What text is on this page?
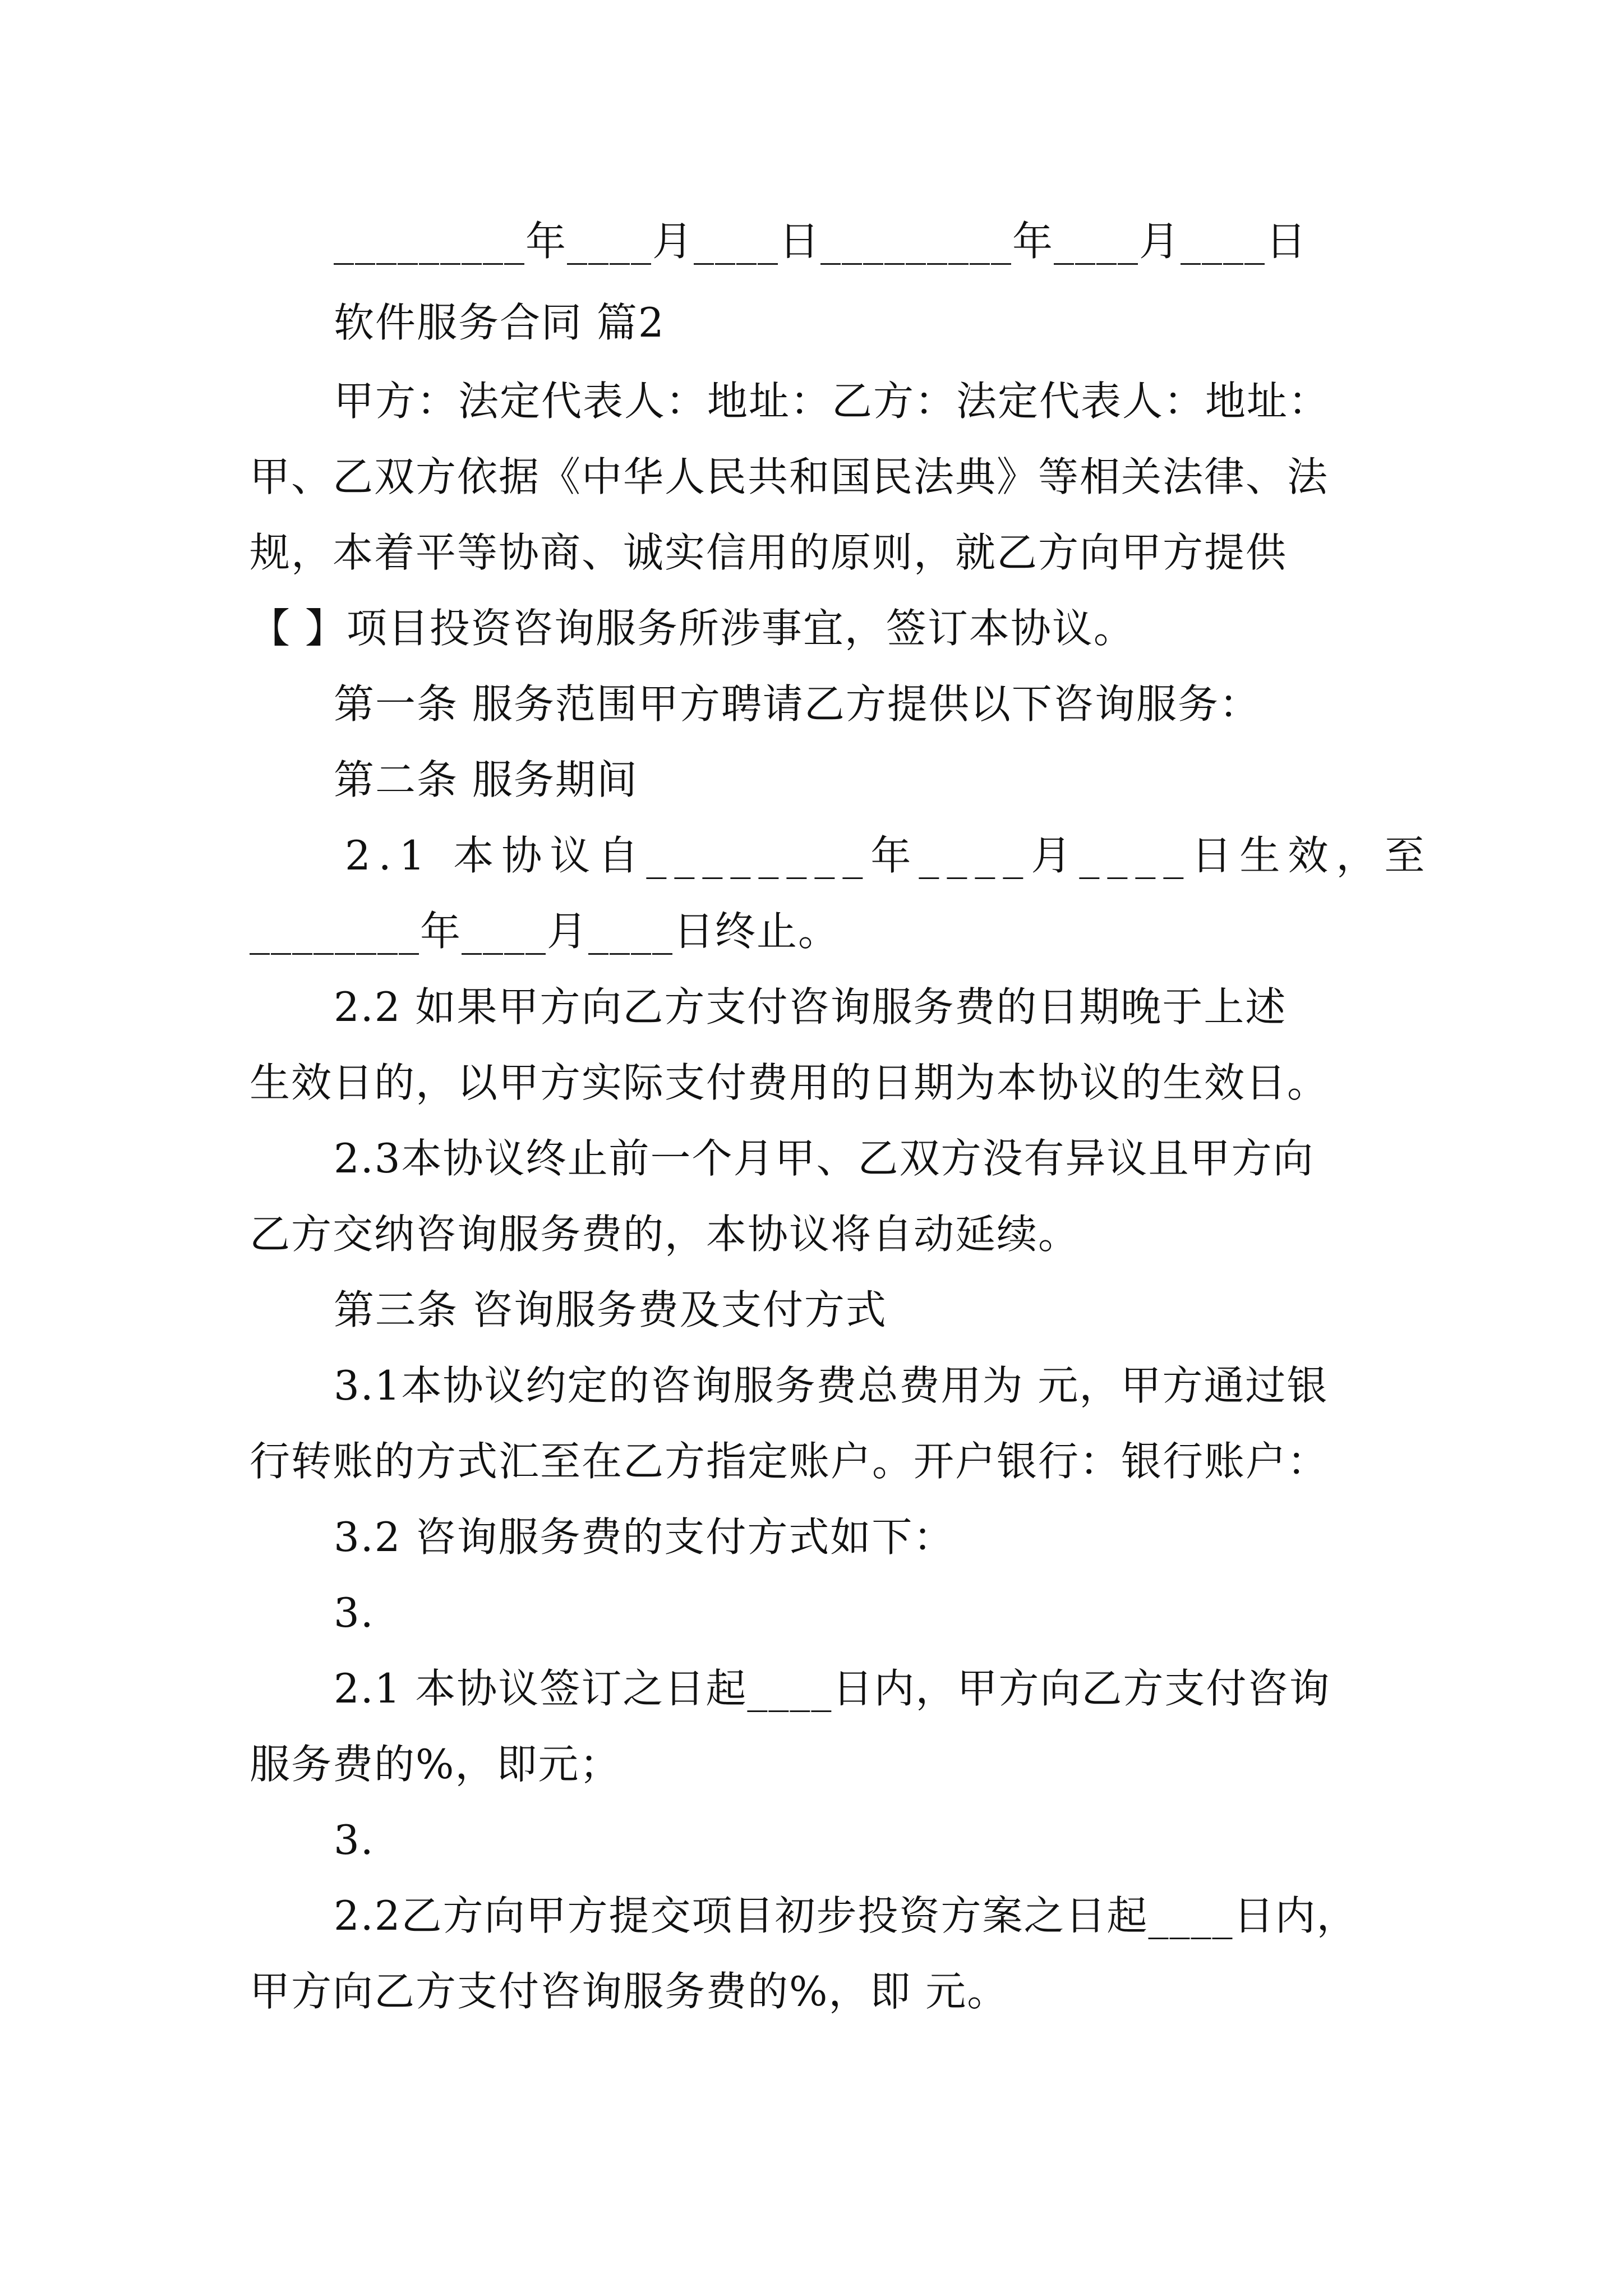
_________年____月____日_________年____月____日
软件服务合同 篇2
甲方：法定代表人：地址：乙方：法定代表人：地址：
甲、乙双方依据《中华人民共和国民法典》等相关法律、法
规，本着平等协商、诚实信用的原则，就乙方向甲方提供
【 】项目投资咨询服务所涉事宜，签订本协议。
第一条 服务范围甲方聘请乙方提供以下咨询服务：
第二条 服务期间
2.1 本协议自________年____月____日生效，至
________年____月____日终止。
2.2 如果甲方向乙方支付咨询服务费的日期晚于上述
生效日的，以甲方实际支付费用的日期为本协议的生效日。
2.3本协议终止前一个月甲、乙双方没有异议且甲方向
乙方交纳咨询服务费的，本协议将自动延续。
第三条 咨询服务费及支付方式
3.1本协议约定的咨询服务费总费用为 元，甲方通过银
行转账的方式汇至在乙方指定账户。开户银行：银行账户：
3.2 咨询服务费的支付方式如下：
3.
2.1 本协议签订之日起____日内，甲方向乙方支付咨询
服务费的%，即元；
3.
2.2乙方向甲方提交项目初步投资方案之日起____日内，
甲方向乙方支付咨询服务费的%，即 元。
